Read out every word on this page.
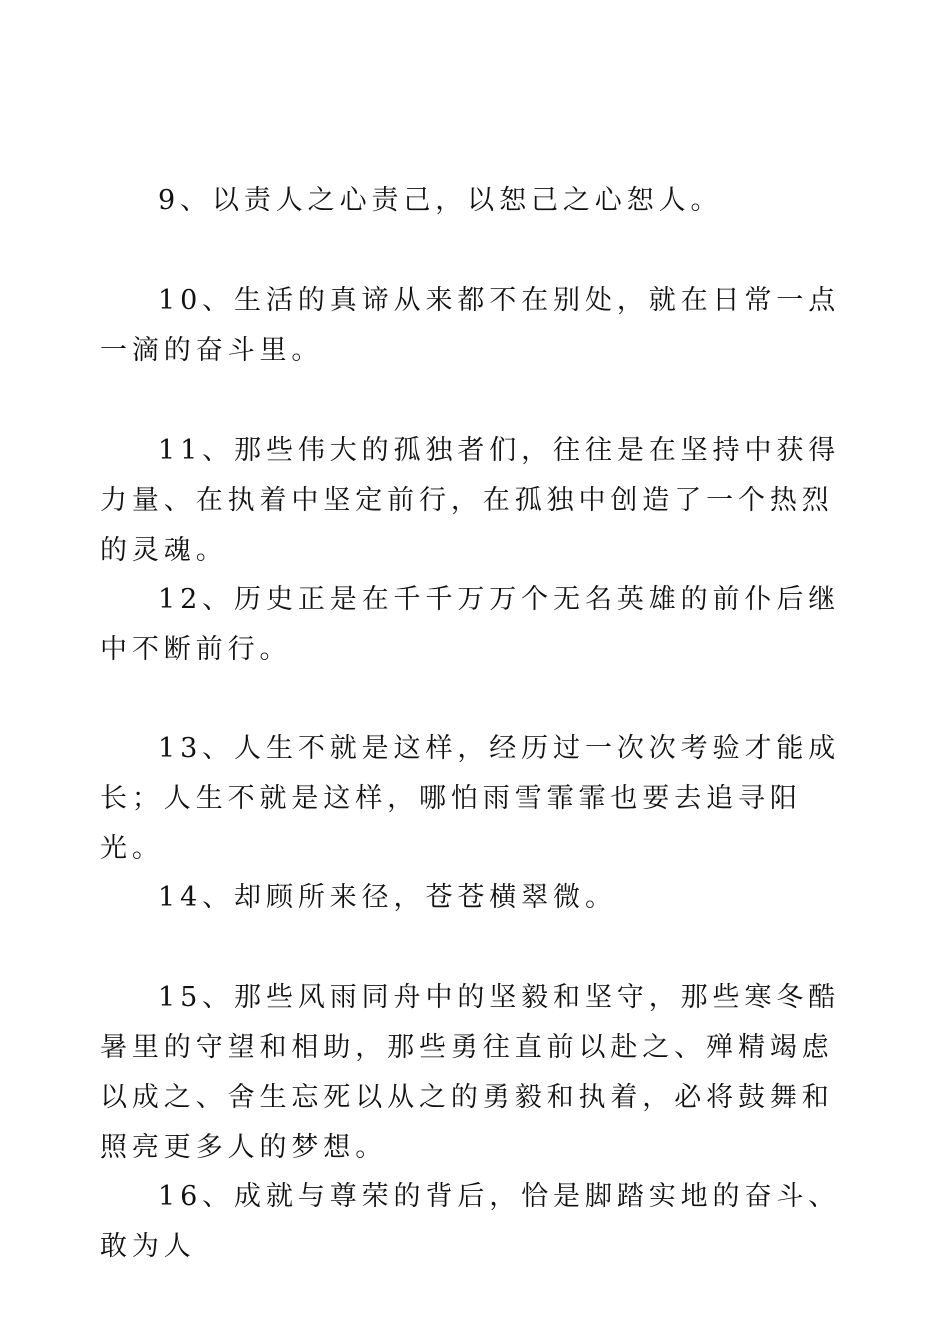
9、以责人之心责己，以恕己之心恕人。

10、生活的真谛从来都不在别处，就在日常一点一滴的奋斗里。

11、那些伟大的孤独者们，往往是在坚持中获得力量、在执着中坚定前行，在孤独中创造了一个热烈的灵魂。

12、历史正是在千千万万个无名英雄的前仆后继中不断前行。

13、人生不就是这样，经历过一次次考验才能成长；人生不就是这样，哪怕雨雪霏霏也要去追寻阳光。

14、却顾所来径，苍苍横翠微。

15、那些风雨同舟中的坚毅和坚守，那些寒冬酷暑里的守望和相助，那些勇往直前以赴之、殚精竭虑以成之、舍生忘死以从之的勇毅和执着，必将鼓舞和照亮更多人的梦想。

16、成就与尊荣的背后，恰是脚踏实地的奋斗、敢为人
